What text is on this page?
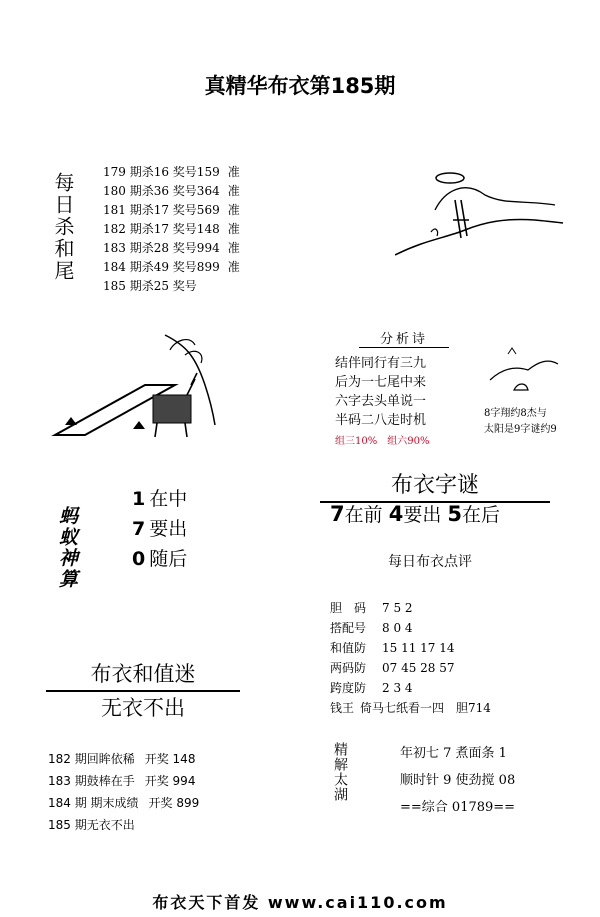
真精华布衣第185期
每日杀和尾 179 期杀16 奖号159 准
180 期杀36 奖号364 准
181 期杀17 奖号569 准
182 期杀17 奖号148 准
183 期杀28 奖号994 准
184 期杀49 奖号899 准
185 期杀25 奖号
分析诗
结伴同行有三九
后为一七尾中来
六字去头单说一
半码二八走时机
组三10% 组六90%
8字翔约8杰与
太阳是9字谜约9
蚂蚁神算
1 在中
7 要出
0 随后
布衣字谜
7在前 4要出 5在后
每日布衣点评
胆　码 7 5 2
搭配号 8 0 4
和值防 15 11 17 14
两码防 07 45 28 57
跨度防 2 3 4
钱王 倚马七纸看一四　胆714
布衣和值迷
无衣不出
182 期回眸依稀 开奖 148
183 期鼓棒在手 开奖 994
184 期 期末成绩 开奖 899
185 期无衣不出
精解太湖	年初七 7 煮面条 1
顺时针 9 使劲搅 08
==综合 01789==
布衣天下首发 www.cai110.com
